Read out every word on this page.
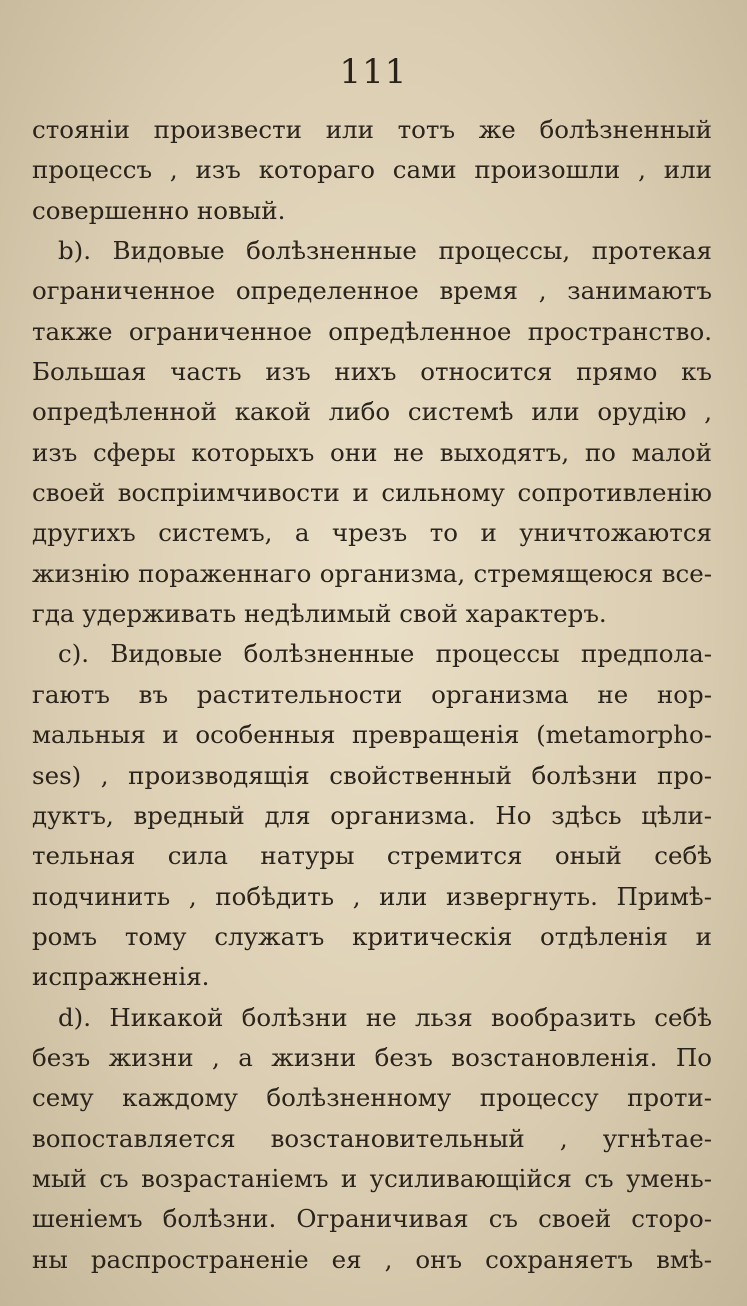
111
стояніи произвести или тотъ же болѣзненный
процессъ , изъ которагo сами произошли , или
совершенно новый.
b). Видовые болѣзненные процессы, протекая
ограниченное определенное время , занимаютъ
также ограниченное опредѣленное пространство.
Большая часть изъ нихъ относится прямо къ
опредѣленной какой либо системѣ или орудію ,
изъ сферы которыхъ они не выходятъ, по малой
своей воспріимчивости и сильному сопротивленію
другихъ системъ, а чрезъ то и уничтожаются
жизнію пораженнаго организма, стремящеюся все-
гда удерживать недѣлимый свой характеръ.
c). Видовые болѣзненные процессы предпола-
гаютъ въ растительности организма не нор-
мальныя и особенныя превращенія (metamorpho-
ses) , производящія свойственный болѣзни про-
дуктъ, вредный для организма. Но здѣсь цѣли-
тельная сила натуры стремится оный себѣ
подчинить , побѣдить , или извергнуть. Примѣ-
ромъ тому служатъ критическія отдѣленія и
испражненія.
d). Никакой болѣзни не льзя вообразить себѣ
безъ жизни , а жизни безъ возстановленія. По
сему каждому болѣзненному процессу проти-
вопоставляется возстановительный , угнѣтае-
мый съ возрастаніемъ и усиливающійся съ умень-
шеніемъ болѣзни. Ограничивая съ своей сторо-
ны распространеніе ея , онъ сохраняетъ вмѣ-
